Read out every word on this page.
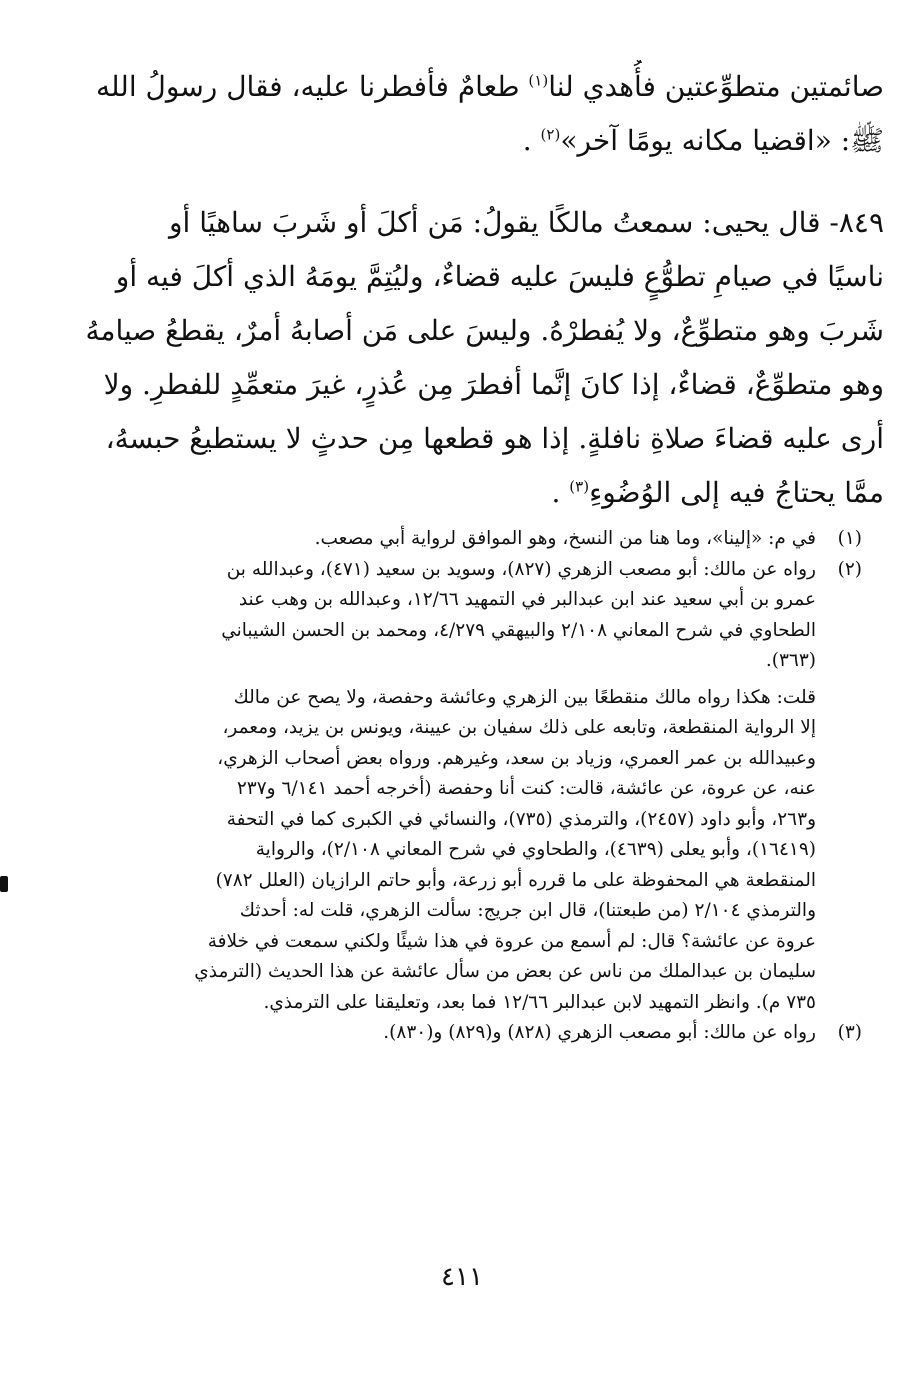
صائمتين متطوِّعتين فأُهدي لنا$^{(١)}$ طعامٌ فأفطرنا عليه، فقال رسولُ الله
ﷺ: «اقضيا مكانه يومًا آخر»$^{(٢)}$ .
٨٤٩- قال يحيى: سمعتُ مالكًا يقولُ: مَن أكلَ أو شَربَ ساهيًا أو
ناسيًا في صيامِ تطوُّعٍ فليسَ عليه قضاءٌ، وليُتِمَّ يومَهُ الذي أكلَ فيه أو
شَربَ وهو متطوِّعٌ، ولا يُفطرْهُ. وليسَ على مَن أصابهُ أمرٌ، يقطعُ صيامهُ
وهو متطوِّعٌ، قضاءٌ، إذا كانَ إنَّما أفطرَ مِن عُذرٍ، غيرَ متعمِّدٍ للفطرِ. ولا
أرى عليه قضاءَ صلاةِ نافلةٍ. إذا هو قطعها مِن حدثٍ لا يستطيعُ حبسهُ،
ممَّا يحتاجُ فيه إلى الوُضُوءِ$^{(٣)}$ .
(١)
في م: «إلينا»، وما هنا من النسخ، وهو الموافق لرواية أبي مصعب.
(٢)
رواه عن مالك: أبو مصعب الزهري (٨٢٧)، وسويد بن سعيد (٤٧١)، وعبدالله بن
عمرو بن أبي سعيد عند ابن عبدالبر في التمهيد ١٢/٦٦، وعبدالله بن وهب عند
الطحاوي في شرح المعاني ٢/١٠٨ والبيهقي ٤/٢٧٩، ومحمد بن الحسن الشيباني
(٣٦٣).
قلت: هكذا رواه مالك منقطعًا بين الزهري وعائشة وحفصة، ولا يصح عن مالك
إلا الرواية المنقطعة، وتابعه على ذلك سفيان بن عيينة، ويونس بن يزيد، ومعمر،
وعبيدالله بن عمر العمري، وزياد بن سعد، وغيرهم. ورواه بعض أصحاب الزهري،
عنه، عن عروة، عن عائشة، قالت: كنت أنا وحفصة (أخرجه أحمد ٦/١٤١ و٢٣٧
و٢٦٣، وأبو داود (٢٤٥٧)، والترمذي (٧٣٥)، والنسائي في الكبرى كما في التحفة
(١٦٤١٩)، وأبو يعلى (٤٦٣٩)، والطحاوي في شرح المعاني ٢/١٠٨)، والرواية
المنقطعة هي المحفوظة على ما قرره أبو زرعة، وأبو حاتم الرازيان (العلل ٧٨٢)
والترمذي ٢/١٠٤ (من طبعتنا)، قال ابن جريج: سألت الزهري، قلت له: أحدثك
عروة عن عائشة؟ قال: لم أسمع من عروة في هذا شيئًا ولكني سمعت في خلافة
سليمان بن عبدالملك من ناس عن بعض من سأل عائشة عن هذا الحديث (الترمذي
٧٣٥ م). وانظر التمهيد لابن عبدالبر ١٢/٦٦ فما بعد، وتعليقنا على الترمذي.
(٣)
رواه عن مالك: أبو مصعب الزهري (٨٢٨) و(٨٢٩) و(٨٣٠).
٤١١
